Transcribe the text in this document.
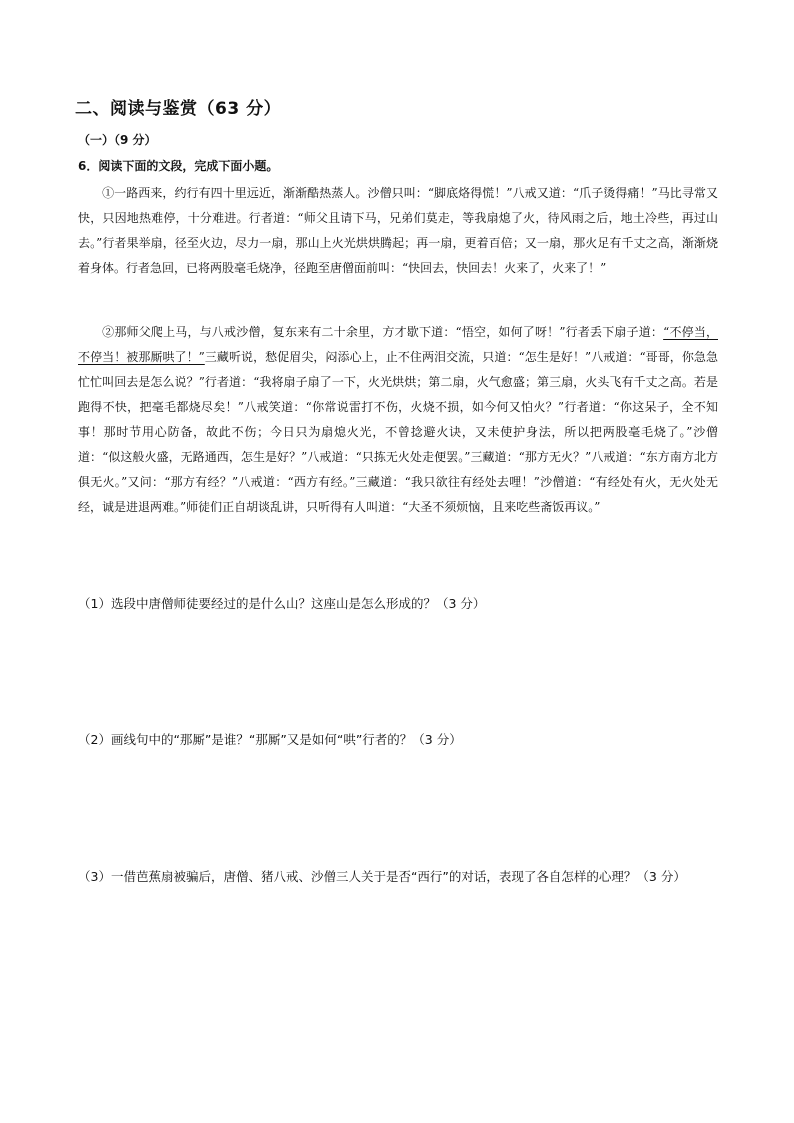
二、阅读与鉴赏（63 分）
（一）（9 分）
6．阅读下面的文段，完成下面小题。
①一路西来，约行有四十里远近，渐渐酷热蒸人。沙僧只叫：“脚底烙得慌！”八戒又道：“爪子烫得痛！”马比寻常又快，只因地热难停，十分难进。行者道：“师父且请下马，兄弟们莫走，等我扇熄了火，待风雨之后，地土冷些，再过山去。”行者果举扇，径至火边，尽力一扇，那山上火光烘烘腾起；再一扇，更着百倍；又一扇，那火足有千丈之高，渐渐烧着身体。行者急回，已将两股毫毛烧净，径跑至唐僧面前叫：“快回去，快回去！火来了，火来了！”
②那师父爬上马，与八戒沙僧，复东来有二十余里，方才歇下道：“悟空，如何了呀！”行者丢下扇子道：“不停当，不停当！被那厮哄了！”三藏听说，愁促眉尖，闷添心上，止不住两泪交流，只道：“怎生是好！”八戒道：“哥哥，你急急忙忙叫回去是怎么说？”行者道：“我将扇子扇了一下，火光烘烘；第二扇，火气愈盛；第三扇，火头飞有千丈之高。若是跑得不快，把毫毛都烧尽矣！”八戒笑道：“你常说雷打不伤，火烧不损，如今何又怕火？”行者道：“你这呆子，全不知事！那时节用心防备，故此不伤；今日只为扇熄火光，不曾捻避火诀，又未使护身法，所以把两股毫毛烧了。”沙僧道：“似这般火盛，无路通西，怎生是好？”八戒道：“只拣无火处走便罢。”三藏道：“那方无火？”八戒道：“东方南方北方俱无火。”又问：“那方有经？”八戒道：“西方有经。”三藏道：“我只欲往有经处去哩！”沙僧道：“有经处有火，无火处无经，诚是进退两难。”师徒们正自胡谈乱讲，只听得有人叫道：“大圣不须烦恼，且来吃些斋饭再议。”
（1）选段中唐僧师徒要经过的是什么山？这座山是怎么形成的？（3 分）
（2）画线句中的“那厮”是谁？“那厮”又是如何“哄”行者的？（3 分）
（3）一借芭蕉扇被骗后，唐僧、猪八戒、沙僧三人关于是否“西行”的对话，表现了各自怎样的心理？（3 分）
